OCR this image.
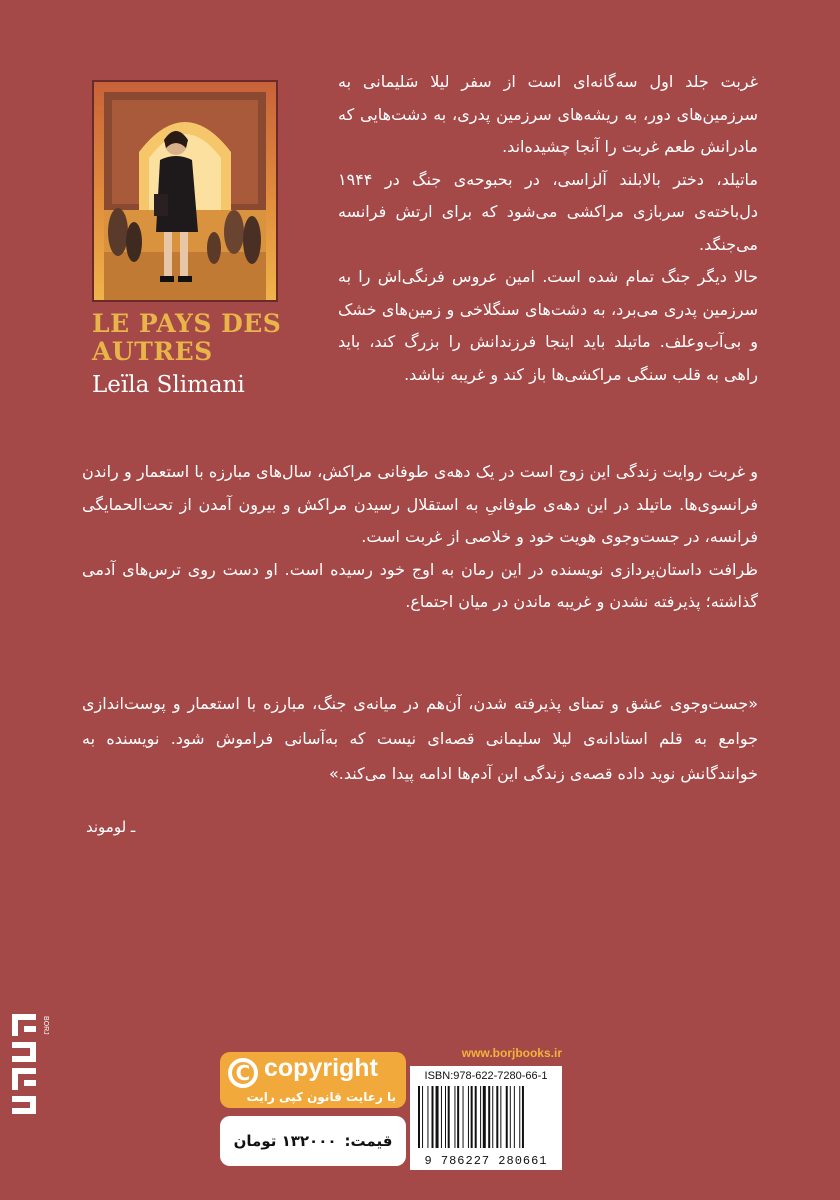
LE PAYS DES
AUTRES
Leïla Slimani

غربت جلد اول سه‌گانه‌ای است از سفر لیلا سَلیمانی به سرزمین‌های دور، به ریشه‌های سرزمین پدری، به دشت‌هایی که مادرانش طعم غربت را آنجا چشیده‌اند.

ماتیلد، دختر بالابلند آلزاسی، در بحبوحه‌ی جنگ در ۱۹۴۴ دل‌باخته‌ی سربازی مراکشی می‌شود که برای ارتش فرانسه می‌جنگد.

حالا دیگر جنگ تمام شده است. امین عروس فرنگی‌اش را به سرزمین پدری می‌برد، به دشت‌های سنگلاخی و زمین‌های خشک و بی‌آب‌وعلف. ماتیلد باید اینجا فرزندانش را بزرگ کند، باید راهی به قلب سنگی مراکشی‌ها باز کند و غریبه نباشد.

و غربت روایت زندگی این زوج است در یک دهه‌ی طوفانی مراکش، سال‌های مبارزه با استعمار و راندن فرانسوی‌ها. ماتیلد در این دهه‌ی طوفانیِ به استقلال رسیدن مراکش و بیرون آمدن از تحت‌الحمایگی فرانسه، در جست‌وجوی هویت خود و خلاصی از غربت است.

ظرافت داستان‌پردازی نویسنده در این رمان به اوج خود رسیده است. او دست روی ترس‌های آدمی گذاشته؛ پذیرفته نشدن و غریبه ماندن در میان اجتماع.

«جست‌وجوی عشق و تمنای پذیرفته شدن، آن‌هم در میانه‌ی جنگ، مبارزه با استعمار و پوست‌اندازی جوامع به قلم استادانه‌ی لیلا سلیمانی قصه‌ای نیست که به‌آسانی فراموش شود. نویسنده به خوانندگانش نوید داده قصه‌ی زندگی این آدم‌ها ادامه پیدا می‌کند.»

ـ لوموند
BORJ
C copyright
با رعایت قانون کپی رایت
قیمت:
۱۳۲۰۰۰ تومان
www.borjbooks.ir
ISBN:978-622-7280-66-1
9 786227 280661
